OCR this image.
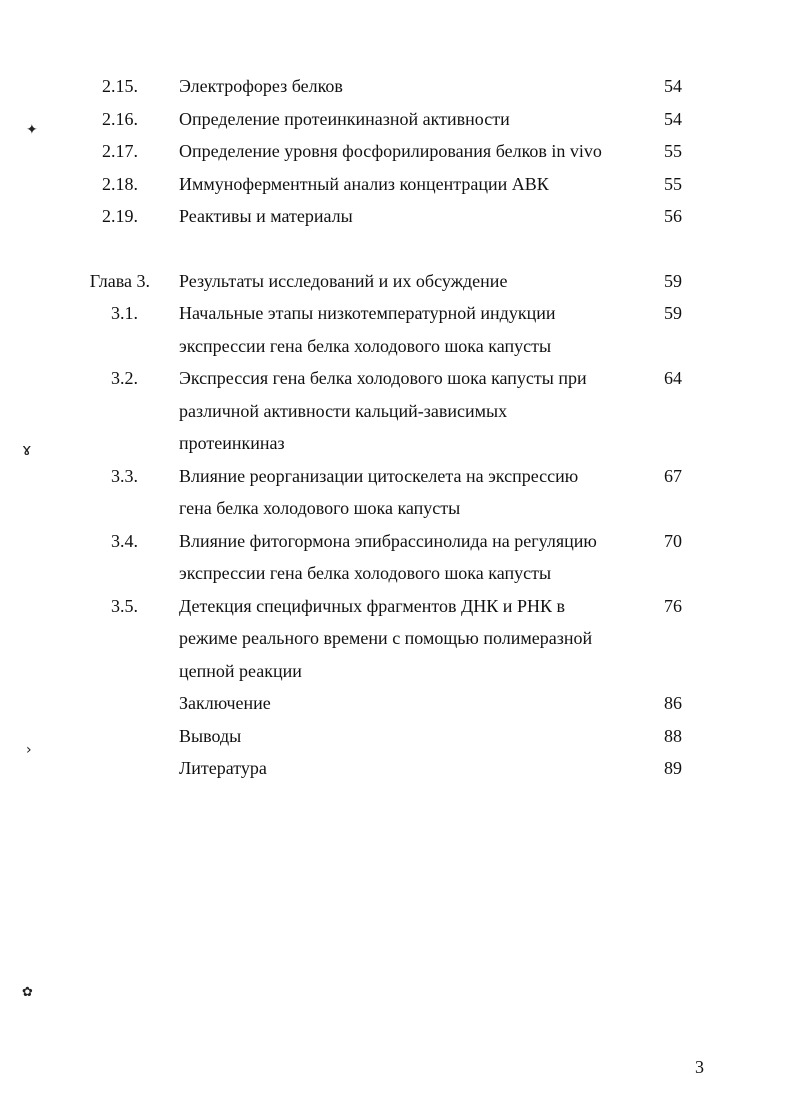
2.15. Электрофорез белков	54
2.16. Определение протеинкиназной активности	54
2.17. Определение уровня фосфорилирования белков in vivo	55
2.18. Иммуноферментный анализ концентрации АВК	55
2.19. Реактивы и материалы	56
Глава 3. Результаты исследований и их обсуждение	59
3.1. Начальные этапы низкотемпературной индукции	59
экспрессии гена белка холодового шока капусты
3.2. Экспрессия гена белка холодового шока капусты при	64
различной активности кальций-зависимых
протеинкиназ
3.3. Влияние реорганизации цитоскелета на экспрессию	67
гена белка холодового шока капусты
3.4. Влияние фитогормона эпибрассинолида на регуляцию	70
экспрессии гена белка холодового шока капусты
3.5. Детекция специфичных фрагментов ДНК и РНК в	76
режиме реального времени с помощью полимеразной
цепной реакции
Заключение	86
Выводы	88
Литература	89
3
✦
ɤ
›
✿
